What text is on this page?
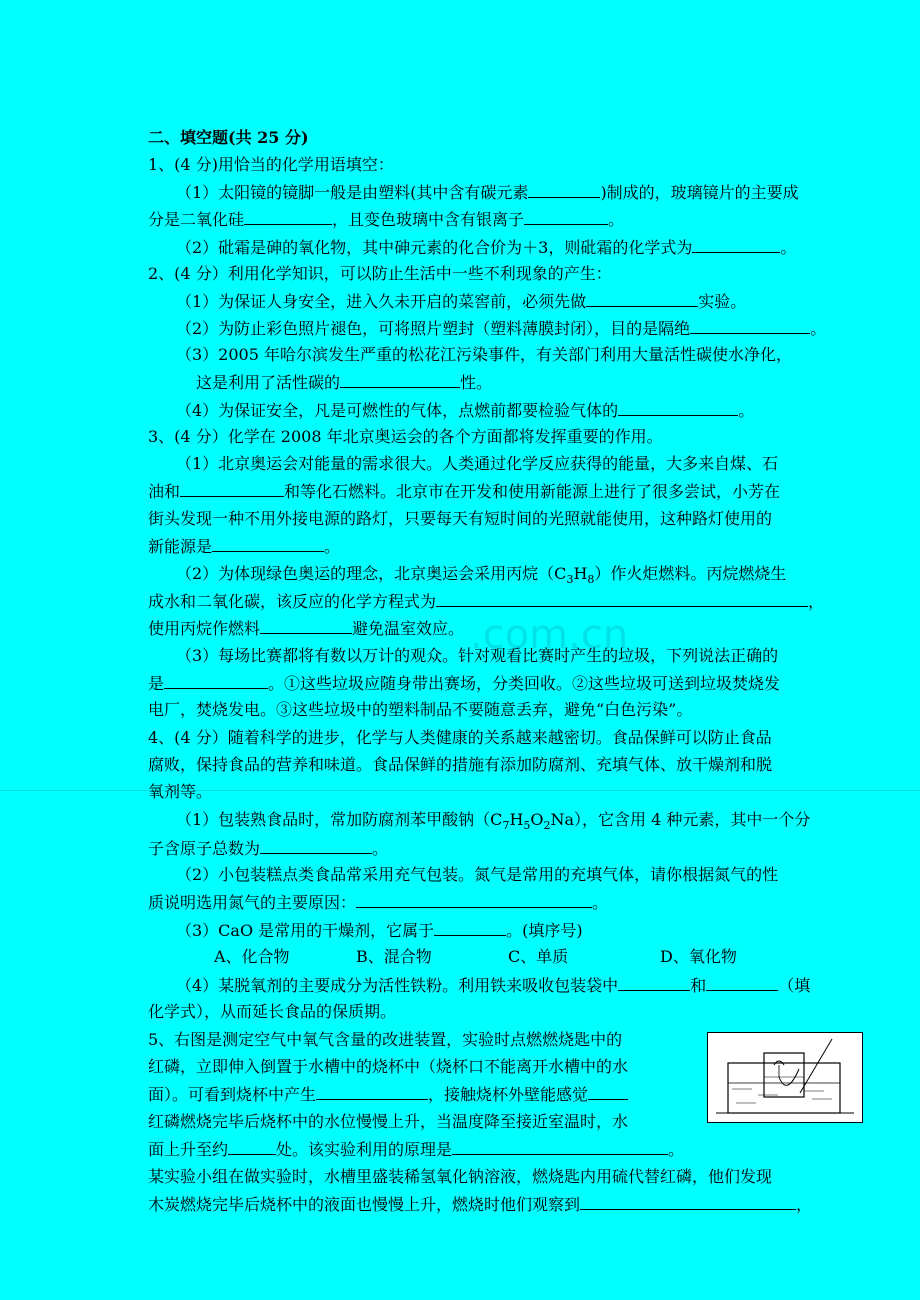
.com.cn
二、填空题(共 25 分)
1、(4 分)用恰当的化学用语填空：
（1）太阳镜的镜脚一般是由塑料(其中含有碳元素	)制成的，玻璃镜片的主要成
分是二氧化硅	，且变色玻璃中含有银离子	。
（2）砒霜是砷的氧化物，其中砷元素的化合价为＋3，则砒霜的化学式为	。
2、(4 分）利用化学知识，可以防止生活中一些不利现象的产生：
（1）为保证人身安全，进入久未开启的菜窖前，必须先做	实验。
（2）为防止彩色照片褪色，可将照片塑封（塑料薄膜封闭），目的是隔绝	。
（3）2005 年哈尔滨发生严重的松花江污染事件，有关部门利用大量活性碳使水净化，
这是利用了活性碳的	性。
（4）为保证安全，凡是可燃性的气体，点燃前都要检验气体的	。
3、(4 分）化学在 2008 年北京奥运会的各个方面都将发挥重要的作用。
（1）北京奥运会对能量的需求很大。人类通过化学反应获得的能量，大多来自煤、石
油和	和等化石燃料。北京市在开发和使用新能源上进行了很多尝试，小芳在
街头发现一种不用外接电源的路灯，只要每天有短时间的光照就能使用，这种路灯使用的
新能源是	。
（2）为体现绿色奥运的理念，北京奥运会采用丙烷$(C_3H_8)$作火炬燃料。丙烷燃烧生
成水和二氧化碳，该反应的化学方程式为	，
使用丙烷作燃料	避免温室效应。
（3）每场比赛都将有数以万计的观众。针对观看比赛时产生的垃圾，下列说法正确的
是	。①这些垃圾应随身带出赛场，分类回收。②这些垃圾可送到垃圾焚烧发
电厂，焚烧发电。③这些垃圾中的塑料制品不要随意丢弃，避免“白色污染”。
4、(4 分）随着科学的进步，化学与人类健康的关系越来越密切。食品保鲜可以防止食品
腐败，保持食品的营养和味道。食品保鲜的措施有添加防腐剂、充填气体、放干燥剂和脱
氧剂等。
（1）包装熟食品时，常加防腐剂苯甲酸钠$(C_7H_5O_2Na)$，它含用 4 种元素，其中一个分
子含原子总数为	。
（2）小包装糕点类食品常采用充气包装。氮气是常用的充填气体，请你根据氮气的性
质说明选用氮气的主要原因：	。
（3）CaO 是常用的干燥剂，它属于	。(填序号)
A、化合物	B、混合物	C、单质	D、氧化物
（4）某脱氧剂的主要成分为活性铁粉。利用铁来吸收包装袋中	和	（填
化学式），从而延长食品的保质期。
5、右图是测定空气中氧气含量的改进装置，实验时点燃燃烧匙中的
红磷，立即伸入倒置于水槽中的烧杯中（烧杯口不能离开水槽中的水
面）。可看到烧杯中产生	，接触烧杯外壁能感觉
红磷燃烧完毕后烧杯中的水位慢慢上升，当温度降至接近室温时，水
面上升至约	处。该实验利用的原理是	。
某实验小组在做实验时，水槽里盛装稀氢氧化钠溶液，燃烧匙内用硫代替红磷，他们发现
木炭燃烧完毕后烧杯中的液面也慢慢上升，燃烧时他们观察到	，
